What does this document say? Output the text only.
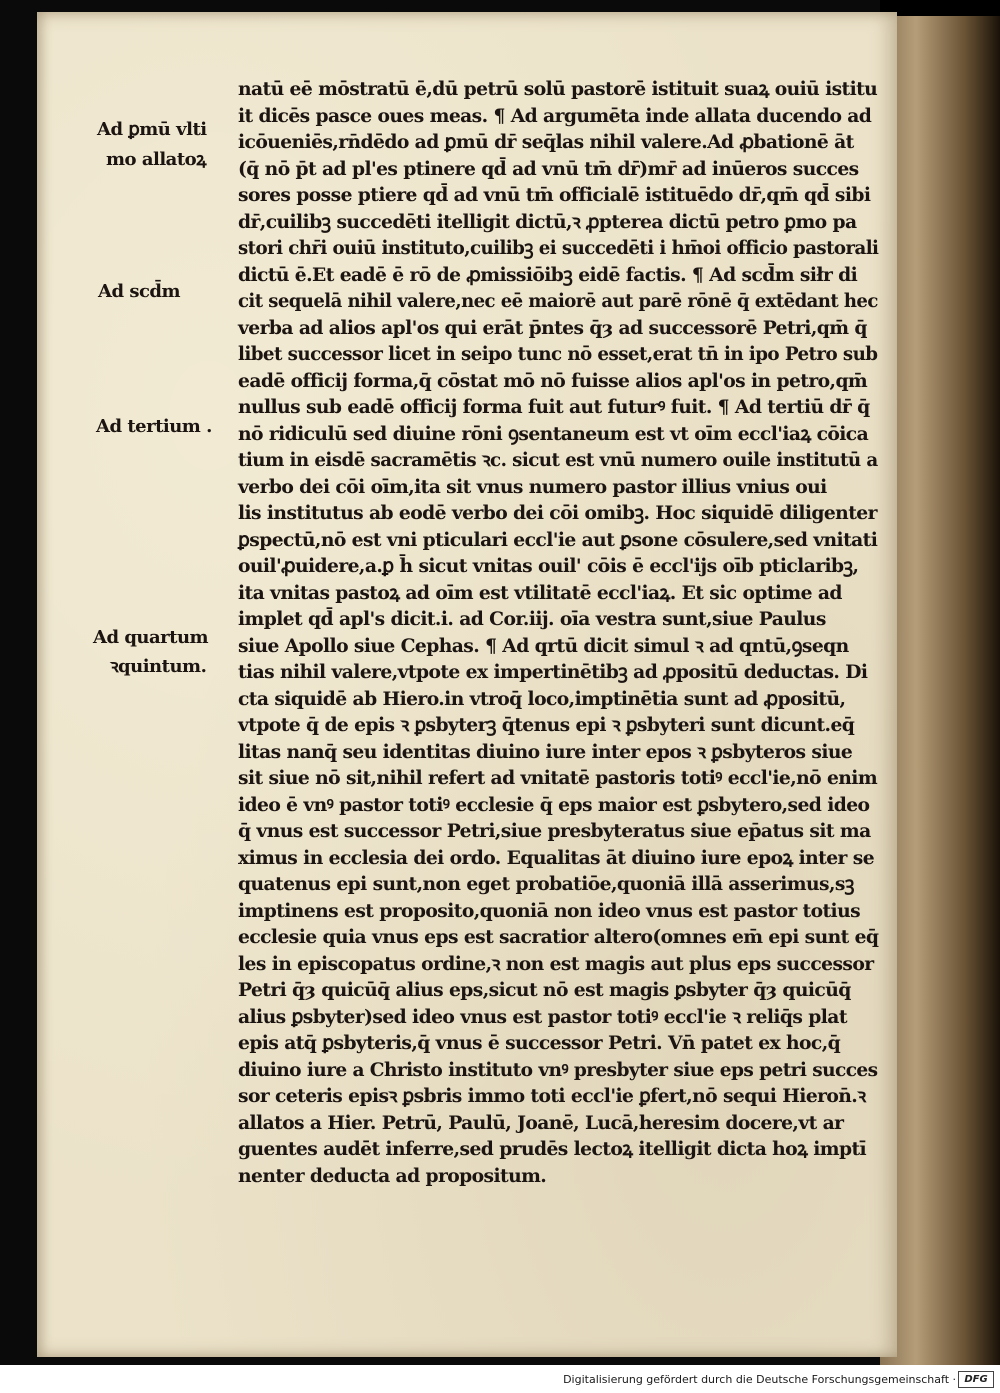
Ad ꝑmū vlti
mo allatoꝝ
Ad scd̄m
Ad tertium .
Ad quartum
ꝛquintum.
natū eē mōstratū ē,dū petrū solū pastorē istituit suaꝝ ouiū istitu
it dicēs pasce oues meas. ¶ Ad argumēta inde allata ducendo ad
icōueniēs,rn̄dēdo ad ꝑmū dr̄ seq̄las nihil valere.Ad ꝓbationē āt
(q̄ nō p̄t ad pl'es ptinere qd̄ ad vnū tm̄ dr̄)mr̄ ad inūeros succes
sores posse ptiere qd̄ ad vnū tm̄ officialē istituēdo dr̄,qm̄ qd̄ sibi
dr̄,cuilibꝫ succedēti itelligit dictū,ꝛ ꝓpterea dictū petro ꝑmo pa
stori chr̄i ouiū instituto,cuilibꝫ ei succedēti i hm̄oi officio pastorali
dictū ē.Et eadē ē rō de ꝓmissiōibꝫ eidē factis. ¶ Ad scd̄m siłr di
cit sequelā nihil valere,nec eē maiorē aut parē rōnē q̄ extēdant hec
verba ad alios apl'os qui erāt p̄ntes q̄ȝ ad successorē Petri,qm̄ q̄
libet successor licet in seipo tunc nō esset,erat tn̄ in ipo Petro sub
eadē officij forma,q̄ cōstat mō nō fuisse alios apl'os in petro,qm̄
nullus sub eadē officij forma fuit aut futurꝰ fuit. ¶ Ad tertiū dr̄ q̄
nō ridiculū sed diuine rōni ꝯsentaneum est vt oīm eccl'iaꝝ cōica
tium in eisdē sacramētis ꝛc. sicut est vnū numero ouile institutū a
verbo dei cōi oīm,ita sit vnus numero pastor illius vnius oui
lis institutus ab eodē verbo dei cōi omibꝫ. Hoc siquidē diligenter
ꝑspectū,nō est vni pticulari eccl'ie aut ꝑsone cōsulere,sed vnitati
ouil'ꝓuidere,a.ꝑ h̄ sicut vnitas ouil' cōis ē eccl'ijs oīb pticlaribꝫ,
ita vnitas pastoꝝ ad oīm est vtilitatē eccl'iaꝝ. Et sic optime ad
implet qd̄ apl's dicit.i. ad Cor.iij. oīa vestra sunt,siue Paulus
siue Apollo siue Cephas. ¶ Ad qrtū dicit simul ꝛ ad qntū,ꝯseqn
tias nihil valere,vtpote ex impertinētibꝫ ad ꝓpositū deductas. Di
cta siquidē ab Hiero.in vtroq̄ loco,imptinētia sunt ad ꝓpositū,
vtpote q̄ de epis ꝛ ꝑsbyterꝫ q̄tenus epi ꝛ ꝑsbyteri sunt dicunt.eq̄
litas nanq̄ seu identitas diuino iure inter epos ꝛ ꝑsbyteros siue
sit siue nō sit,nihil refert ad vnitatē pastoris totiꝰ eccl'ie,nō enim
ideo ē vnꝰ pastor totiꝰ ecclesie q̄ eps maior est ꝑsbytero,sed ideo
q̄ vnus est successor Petri,siue presbyteratus siue ep̄atus sit ma
ximus in ecclesia dei ordo. Equalitas āt diuino iure epoꝝ inter se
quatenus epi sunt,non eget probatiōe,quoniā illā asserimus,sꝫ
imptinens est proposito,quoniā non ideo vnus est pastor totius
ecclesie quia vnus eps est sacratior altero(omnes em̄ epi sunt eq̄
les in episcopatus ordine,ꝛ non est magis aut plus eps successor
Petri q̄ȝ quicūq̄ alius eps,sicut nō est magis ꝑsbyter q̄ȝ quicūq̄
alius ꝑsbyter)sed ideo vnus est pastor totiꝰ eccl'ie ꝛ reliq̄s plat
epis atq̄ ꝑsbyteris,q̄ vnus ē successor Petri. Vn̄ patet ex hoc,q̄
diuino iure a Christo instituto vnꝰ presbyter siue eps petri succes
sor ceteris episꝛ ꝑsbris immo toti eccl'ie ꝑfert,nō sequi Hieron̄.ꝛ
allatos a Hier. Petrū, Paulū, Joanē, Lucā,heresim docere,vt ar
guentes audēt inferre,sed prudēs lectoꝝ itelligit dicta hoꝝ imptī
nenter deducta ad propositum.
Digitalisierung gefördert durch die Deutsche Forschungsgemeinschaft · DFG
